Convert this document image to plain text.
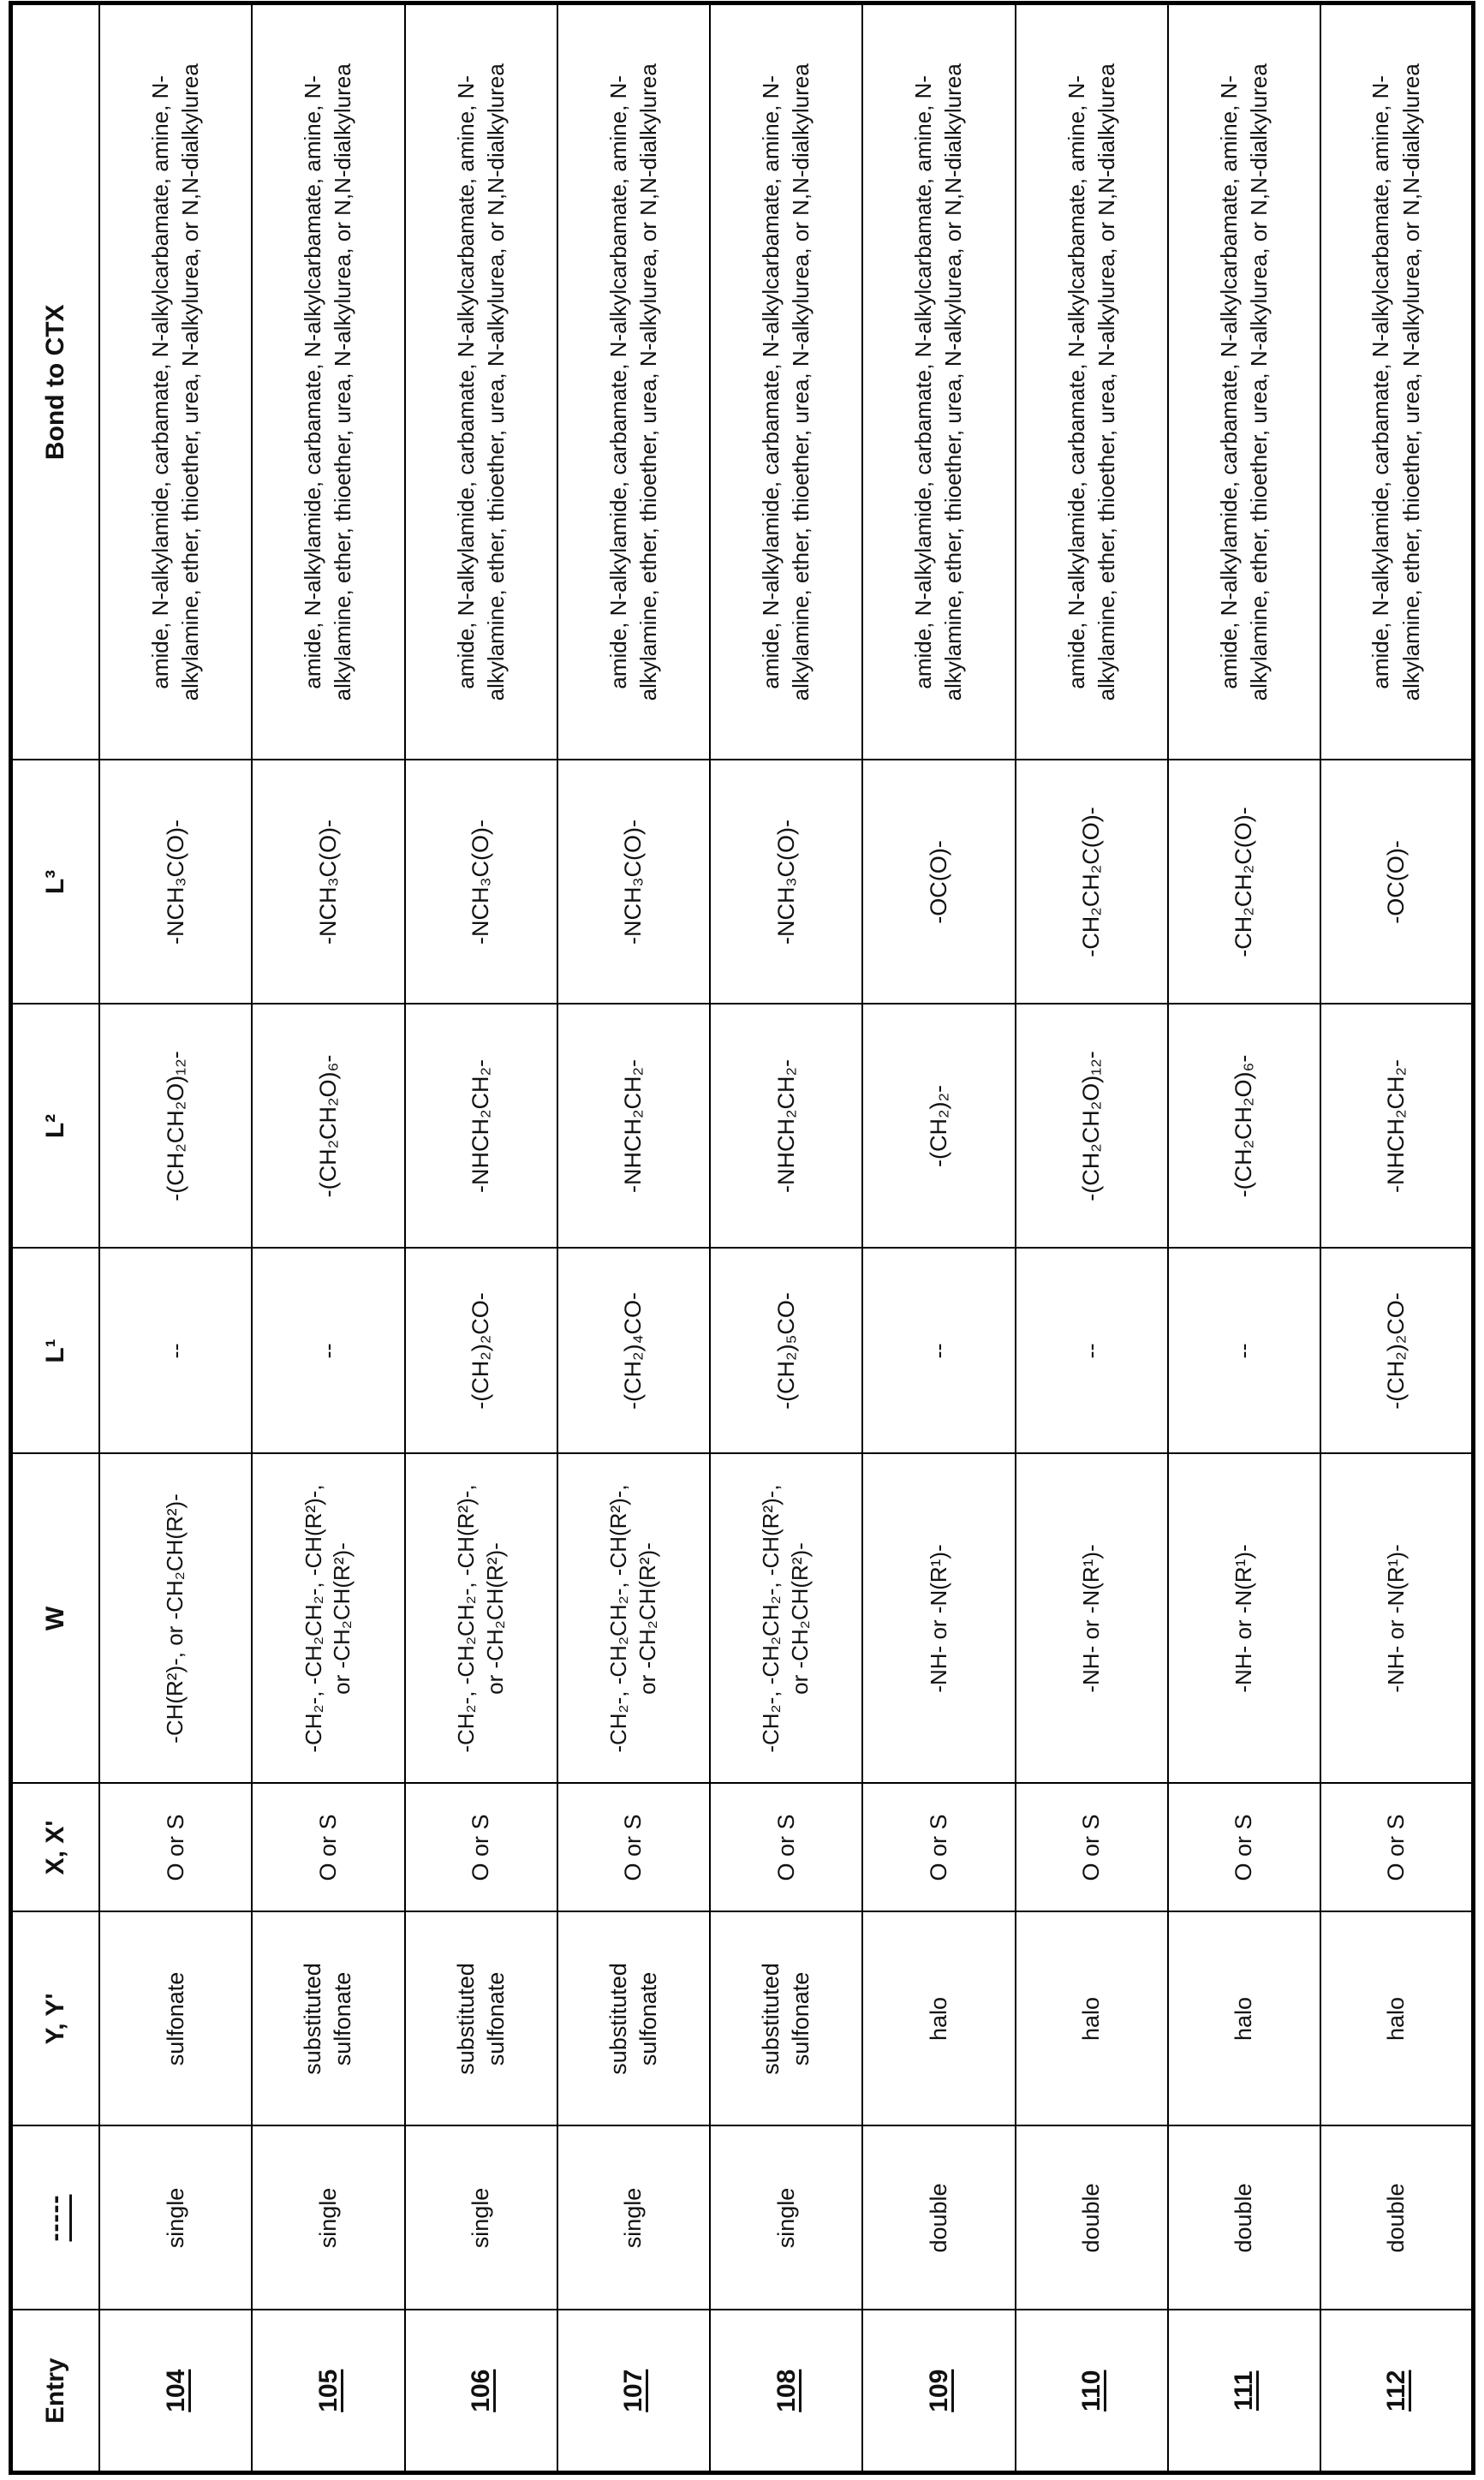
Entry	-----	Y, Y'	X, X'	W	L¹	L²	L³	Bond to CTX
104	single	sulfonate	O or S	-CH(R²)-, or -CH₂CH(R²)-	--	-(CH₂CH₂O)₁₂-	-NCH₃C(O)-	amide, N-alkylamide, carbamate, N-alkylcarbamate, amine, N-alkylamine, ether, thioether, urea, N-alkylurea, or N,N-dialkylurea
105	single	substituted sulfonate	O or S	-CH₂-, -CH₂CH₂-, -CH(R²)-, or -CH₂CH(R²)-	--	-(CH₂CH₂O)₆-	-NCH₃C(O)-	amide, N-alkylamide, carbamate, N-alkylcarbamate, amine, N-alkylamine, ether, thioether, urea, N-alkylurea, or N,N-dialkylurea
106	single	substituted sulfonate	O or S	-CH₂-, -CH₂CH₂-, -CH(R²)-, or -CH₂CH(R²)-	-(CH₂)₂CO-	-NHCH₂CH₂-	-NCH₃C(O)-	amide, N-alkylamide, carbamate, N-alkylcarbamate, amine, N-alkylamine, ether, thioether, urea, N-alkylurea, or N,N-dialkylurea
107	single	substituted sulfonate	O or S	-CH₂-, -CH₂CH₂-, -CH(R²)-, or -CH₂CH(R²)-	-(CH₂)₄CO-	-NHCH₂CH₂-	-NCH₃C(O)-	amide, N-alkylamide, carbamate, N-alkylcarbamate, amine, N-alkylamine, ether, thioether, urea, N-alkylurea, or N,N-dialkylurea
108	single	substituted sulfonate	O or S	-CH₂-, -CH₂CH₂-, -CH(R²)-, or -CH₂CH(R²)-	-(CH₂)₅CO-	-NHCH₂CH₂-	-NCH₃C(O)-	amide, N-alkylamide, carbamate, N-alkylcarbamate, amine, N-alkylamine, ether, thioether, urea, N-alkylurea, or N,N-dialkylurea
109	double	halo	O or S	-NH- or -N(R¹)-	--	-(CH₂)₂-	-OC(O)-	amide, N-alkylamide, carbamate, N-alkylcarbamate, amine, N-alkylamine, ether, thioether, urea, N-alkylurea, or N,N-dialkylurea
110	double	halo	O or S	-NH- or -N(R¹)-	--	-(CH₂CH₂O)₁₂-	-CH₂CH₂C(O)-	amide, N-alkylamide, carbamate, N-alkylcarbamate, amine, N-alkylamine, ether, thioether, urea, N-alkylurea, or N,N-dialkylurea
111	double	halo	O or S	-NH- or -N(R¹)-	--	-(CH₂CH₂O)₆-	-CH₂CH₂C(O)-	amide, N-alkylamide, carbamate, N-alkylcarbamate, amine, N-alkylamine, ether, thioether, urea, N-alkylurea, or N,N-dialkylurea
112	double	halo	O or S	-NH- or -N(R¹)-	-(CH₂)₂CO-	-NHCH₂CH₂-	-OC(O)-	amide, N-alkylamide, carbamate, N-alkylcarbamate, amine, N-alkylamine, ether, thioether, urea, N-alkylurea, or N,N-dialkylurea
